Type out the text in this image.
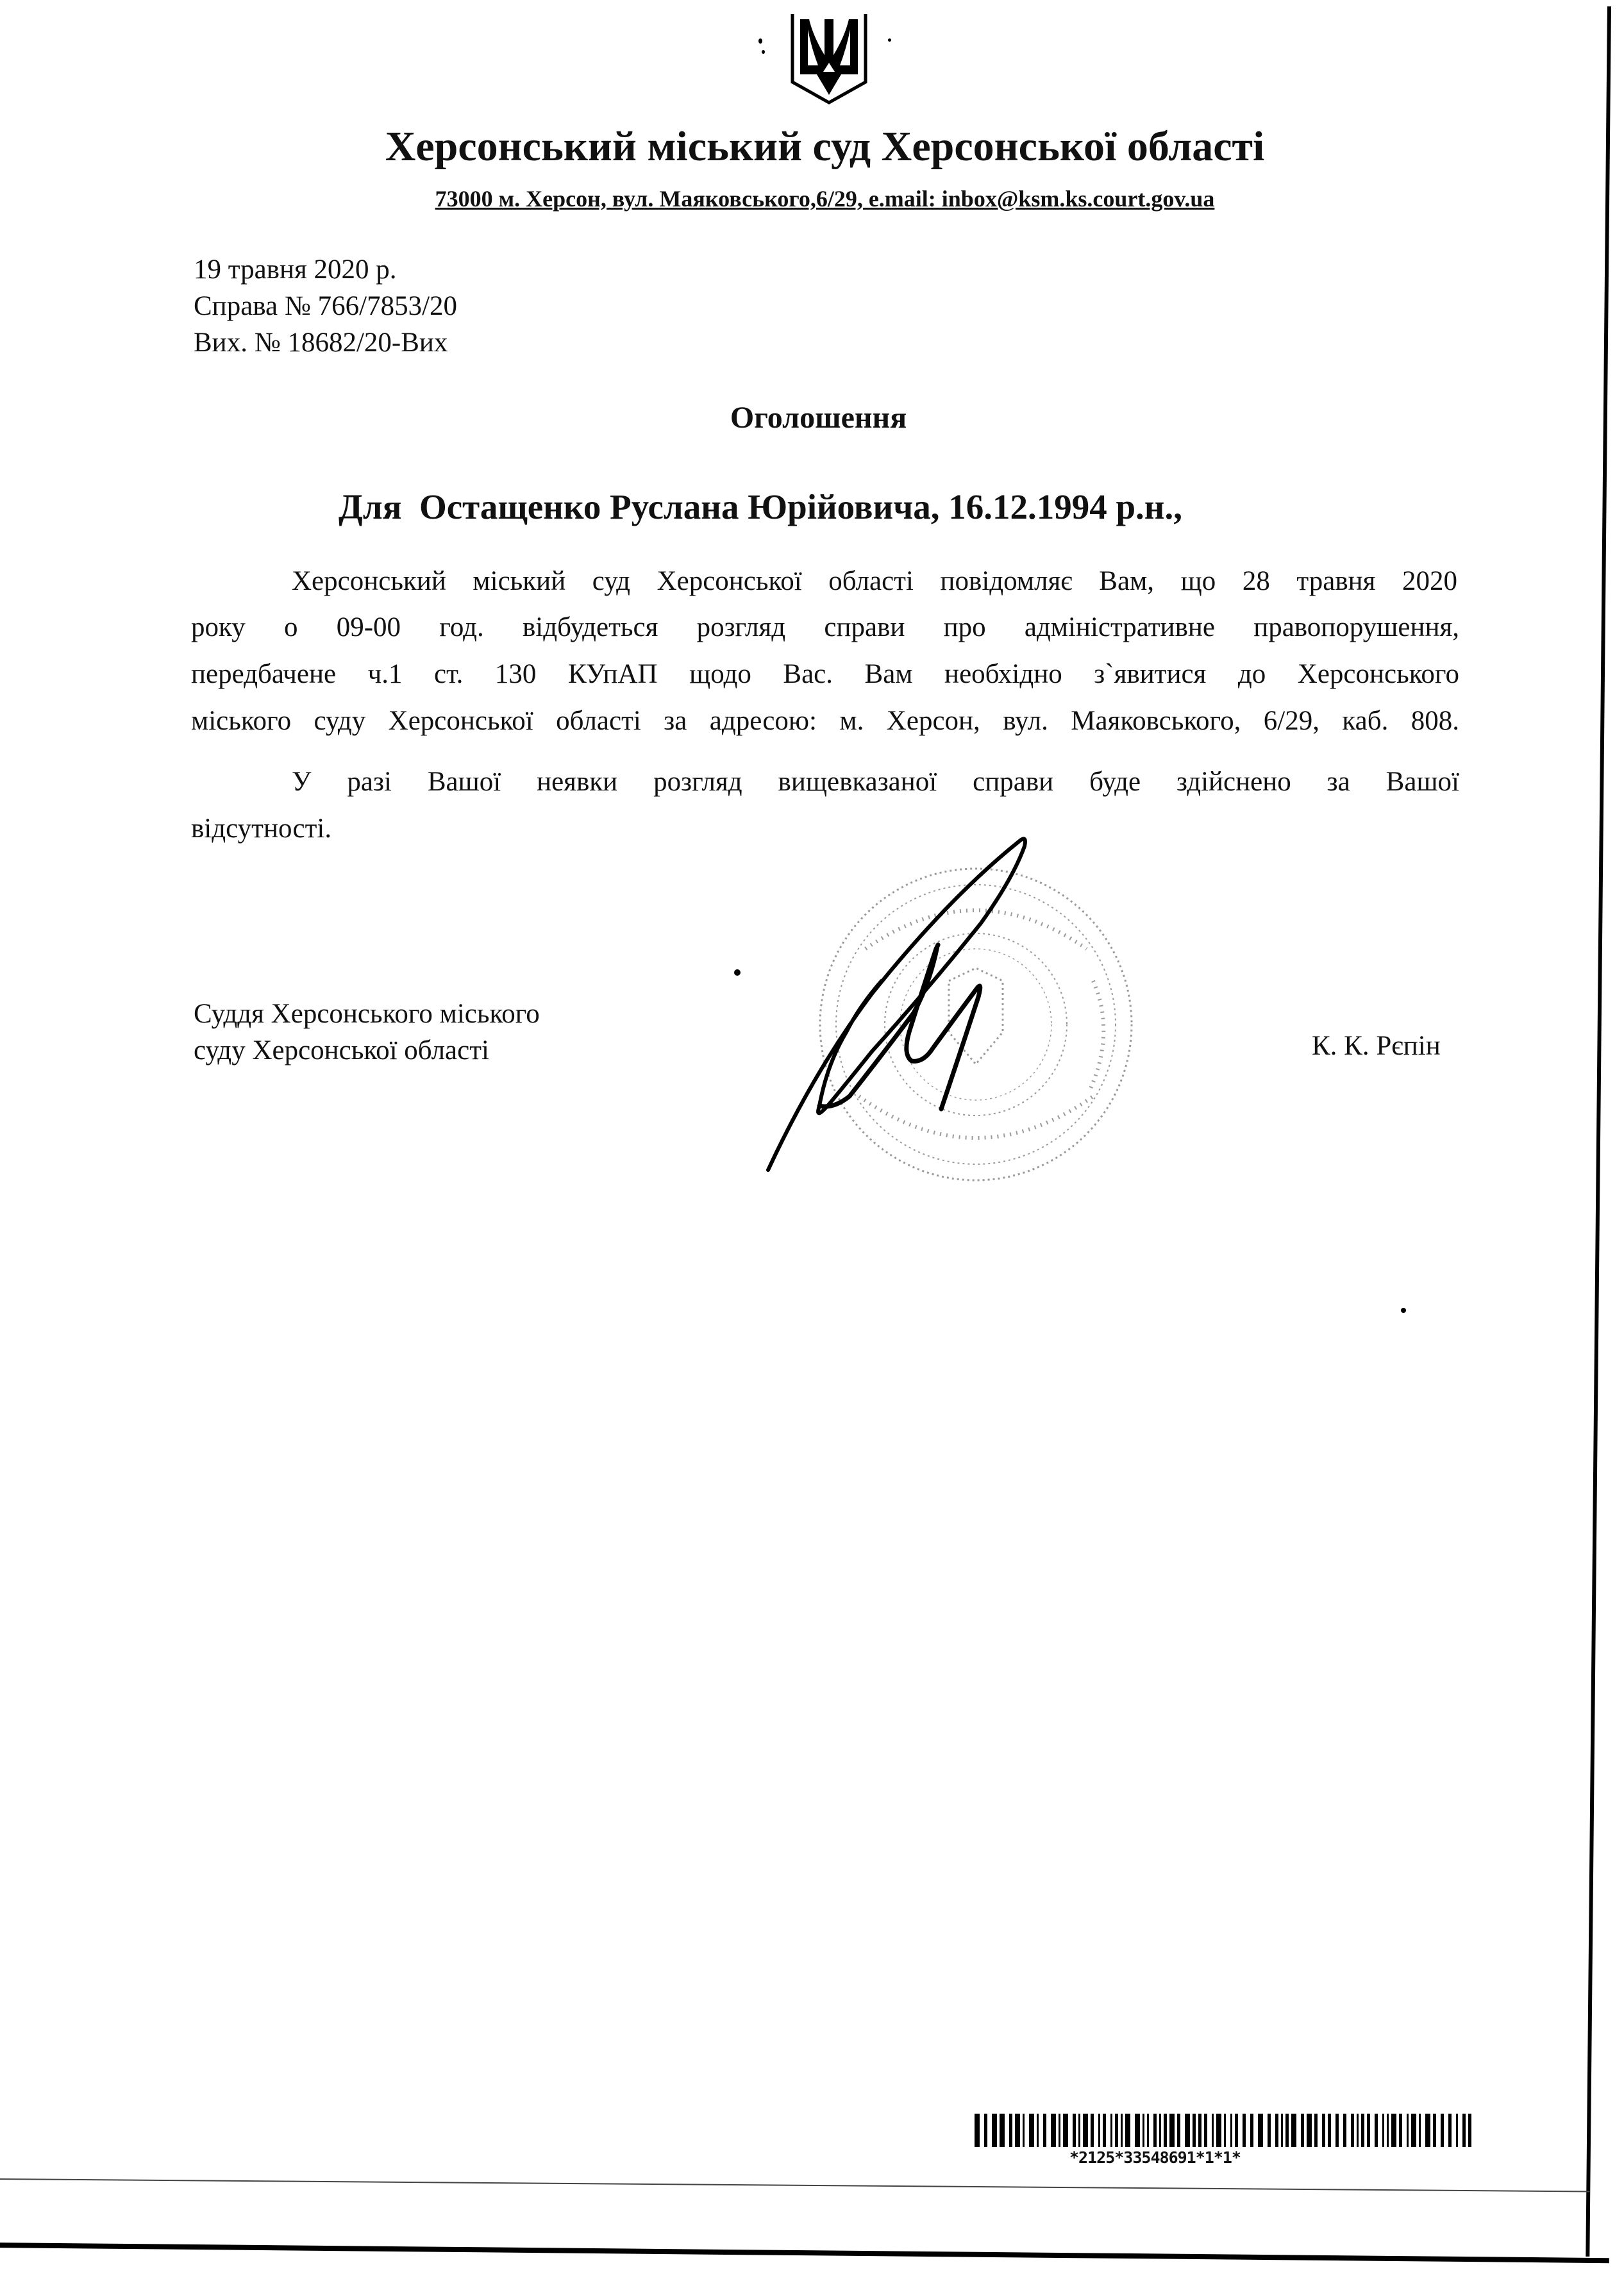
Херсонський міський суд Херсонської області
73000 м. Херсон, вул. Маяковського,6/29, e.mail: inbox@ksm.ks.court.gov.ua
19 травня 2020 р.
Справа № 766/7853/20
Вих. № 18682/20-Вих
Оголошення
Для  Остащенко Руслана Юрійовича, 16.12.1994 р.н.,
Херсонський міський суд Херсонської області повідомляє Вам, що 28 травня 2020
року о 09-00 год. відбудеться розгляд справи про адміністративне правопорушення,
передбачене ч.1 ст. 130 КУпАП щодо Вас. Вам необхідно з`явитися до Херсонського
міського суду Херсонської області за адресою: м. Херсон, вул. Маяковського, 6/29, каб. 808.
У разі Вашої неявки розгляд вищевказаної справи буде здійснено за Вашої
відсутності.
Суддя Херсонського міського
суду Херсонської області	К. К. Рєпін
*2125*33548691*1*1*
